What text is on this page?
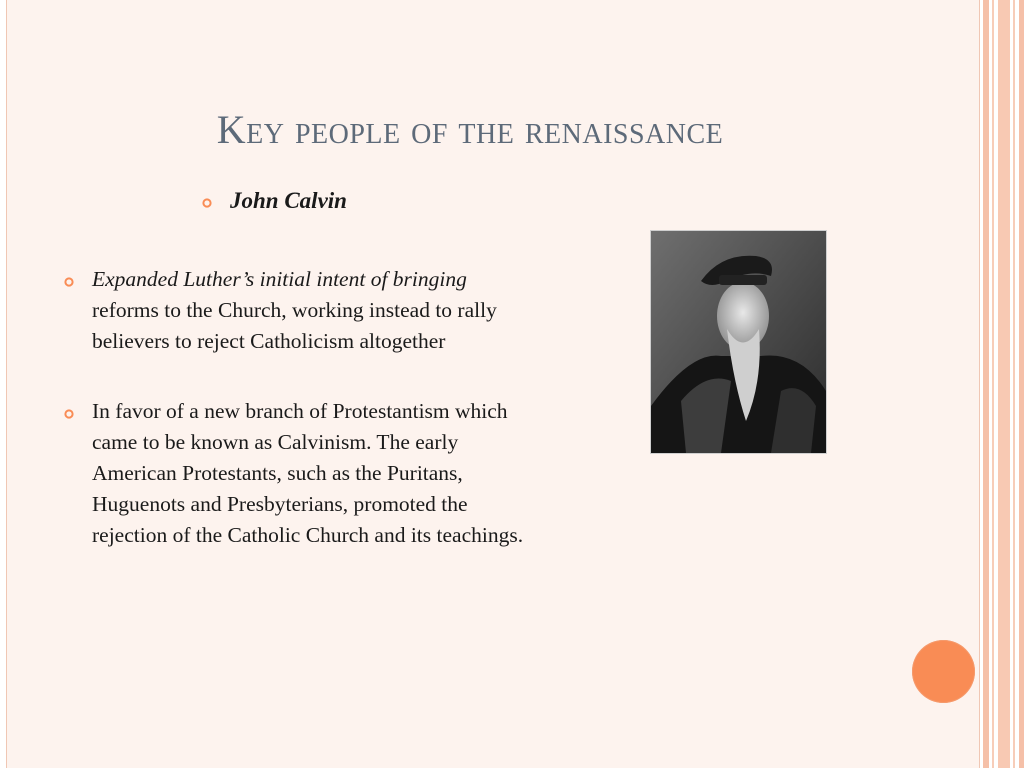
Key people of the renaissance
John Calvin
Expanded Luther’s initial intent of bringing reforms to the Church, working instead to rally believers to reject Catholicism altogether
In favor of a new branch of Protestantism which came to be known as Calvinism. The early American Protestants, such as the Puritans, Huguenots and Presbyterians, promoted the rejection of the Catholic Church and its teachings.
